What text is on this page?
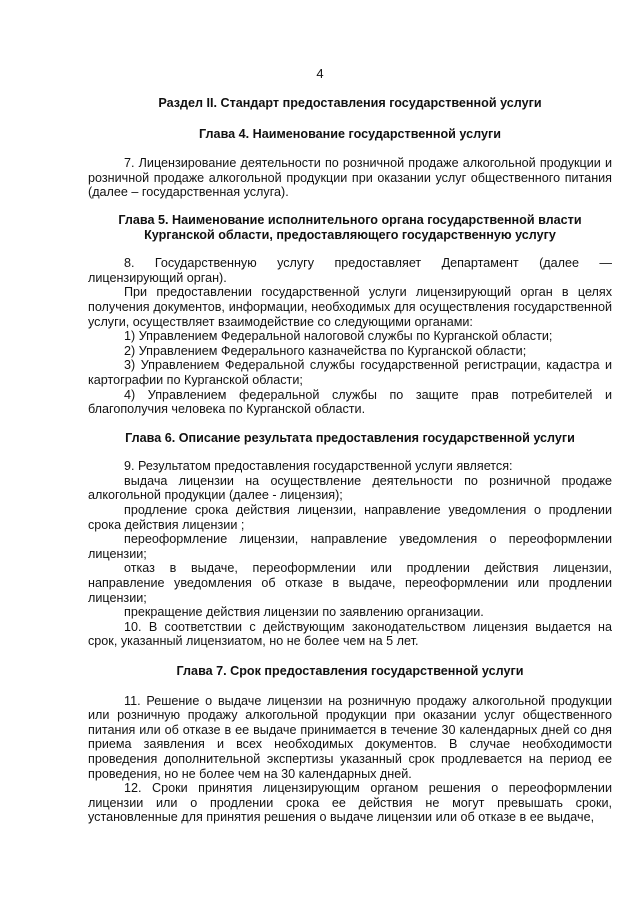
4

Раздел II. Стандарт предоставления государственной услуги

Глава 4. Наименование государственной услуги

7. Лицензирование деятельности по розничной продаже алкогольной продукции и розничной продаже алкогольной продукции при оказании услуг общественного питания (далее – государственная услуга).

Глава 5. Наименование исполнительного органа государственной власти
Курганской области, предоставляющего государственную услугу
8. Государственную услугу предоставляет Департамент (далее —

лицензирующий орган).

При предоставлении государственной услуги лицензирующий орган в целях получения документов, информации, необходимых для осуществления государственной услуги, осуществляет взаимодействие со следующими органами:

1) Управлением Федеральной налоговой службы по Курганской области;

2) Управлением Федерального казначейства по Курганской области;

3) Управлением Федеральной службы государственной регистрации, кадастра и картографии по Курганской области;

4) Управлением федеральной службы по защите прав потребителей и благополучия человека по Курганской области.

Глава 6. Описание результата предоставления государственной услуги

9. Результатом предоставления государственной услуги является:

выдача лицензии на осуществление деятельности по розничной продаже алкогольной продукции (далее - лицензия);

продление срока действия лицензии, направление уведомления о продлении срока действия лицензии ;

переоформление лицензии, направление уведомления о переоформлении лицензии;

отказ в выдаче, переоформлении или продлении действия лицензии, направление уведомления об отказе в выдаче, переоформлении или продлении лицензии;

прекращение действия лицензии по заявлению организации.

10. В соответствии с действующим законодательством лицензия выдается на срок, указанный лицензиатом, но не более чем на 5 лет.

Глава 7. Срок предоставления государственной услуги

11. Решение о выдаче лицензии на розничную продажу алкогольной продукции или розничную продажу алкогольной продукции при оказании услуг общественного питания или об отказе в ее выдаче принимается в течение 30 календарных дней со дня приема заявления и всех необходимых документов. В случае необходимости проведения дополнительной экспертизы указанный срок продлевается на период ее проведения, но не более чем на 30 календарных дней.

12. Сроки принятия лицензирующим органом решения о переоформлении лицензии или о продлении срока ее действия не могут превышать сроки, установленные для принятия решения о выдаче лицензии или об отказе в ее выдаче,
